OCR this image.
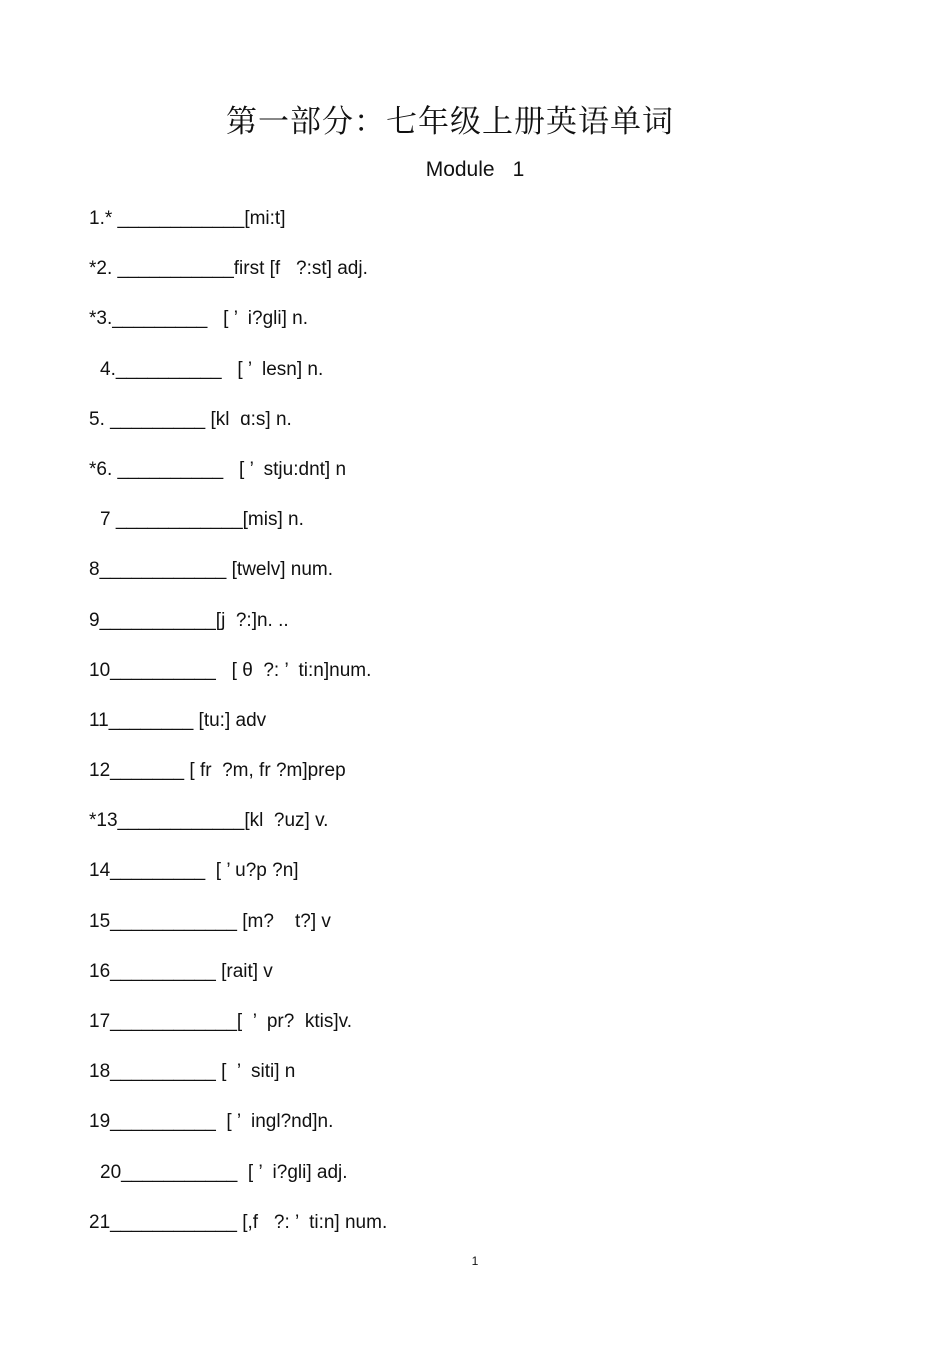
第一部分：七年级上册英语单词
Module 1
1.* ____________[mi:t]
*2. ___________first [f   ?:st] adj.
*3._________   [ ’  i?gli] n.
4.__________   [ ’  lesn] n.
5. _________ [kl  ɑ:s] n.
*6. __________   [ ’  stju:dnt] n
7 ____________[mis] n.
8____________ [twelv] num.
9___________[j  ?:]n. ..
10__________   [ θ  ?: ’  ti:n]num.
11________ [tu:] adv
12_______ [ fr  ?m, fr ?m]prep
*13____________[kl  ?uz] v.
14_________  [ ’ u?p ?n]
15____________ [m?    t?] v
16__________ [rait] v
17____________[  ’  pr?  ktis]v.
18__________ [  ’  siti] n
19__________  [ ’  ingl?nd]n.
20___________  [ ’  i?gli] adj.
21____________ [,f   ?: ’  ti:n] num.
1
